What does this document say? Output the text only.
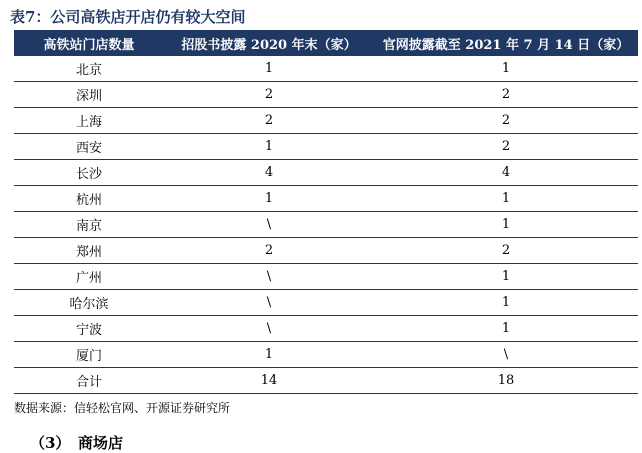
表7：公司高铁店开店仍有较大空间
高铁站门店数量	招股书披露 2020 年末（家）	官网披露截至 2021 年 7 月 14 日（家）
北京	1	1
深圳	2	2
上海	2	2
西安	1	2
长沙	4	4
杭州	1	1
南京	\	1
郑州	2	2
广州	\	1
哈尔滨	\	1
宁波	\	1
厦门	1	\
合计	14	18
数据来源：信轻松官网、开源证券研究所
（3）　商场店
